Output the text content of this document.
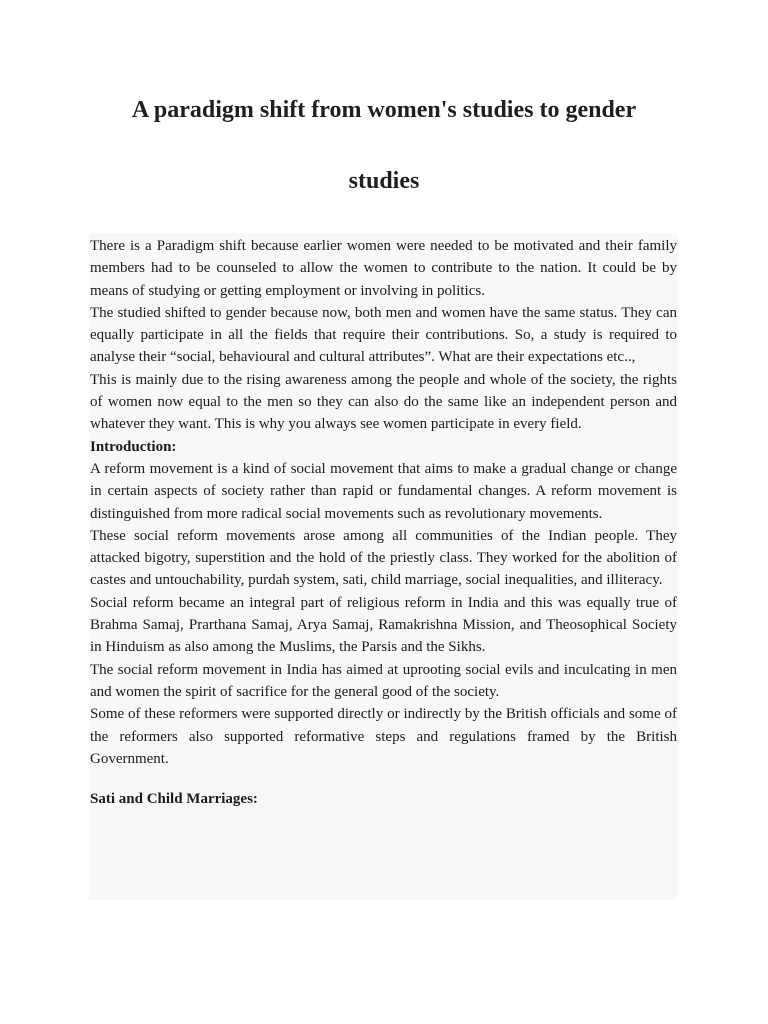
A paradigm shift from women's studies to gender
studies

There is a Paradigm shift because earlier women were needed to be motivated and their family members had to be counseled to allow the women to contribute to the nation. It could be by means of studying or getting employment or involving in politics.

The studied shifted to gender because now, both men and women have the same status. They can equally participate in all the fields that require their contributions. So, a study is required to analyse their “social, behavioural and cultural attributes”. What are their expectations etc..,

This is mainly due to the rising awareness among the people and whole of the society, the rights of women now equal to the men so they can also do the same like an independent person and whatever they want. This is why you always see women participate in every field.

Introduction:

A reform movement is a kind of social movement that aims to make a gradual change or change in certain aspects of society rather than rapid or fundamental changes. A reform movement is distinguished from more radical social movements such as revolutionary movements.

These social reform movements arose among all communities of the Indian people. They attacked bigotry, superstition and the hold of the priestly class. They worked for the abolition of castes and untouchability, purdah system, sati, child marriage, social inequalities, and illiteracy.

Social reform became an integral part of religious reform in India and this was equally true of Brahma Samaj, Prarthana Samaj, Arya Samaj, Ramakrishna Mission, and Theosophical Society in Hinduism as also among the Muslims, the Parsis and the Sikhs.

The social reform movement in India has aimed at uprooting social evils and inculcating in men and women the spirit of sacrifice for the general good of the society.

Some of these reformers were supported directly or indirectly by the British officials and some of the reformers also supported reformative steps and regulations framed by the British Government.

Sati and Child Marriages:
